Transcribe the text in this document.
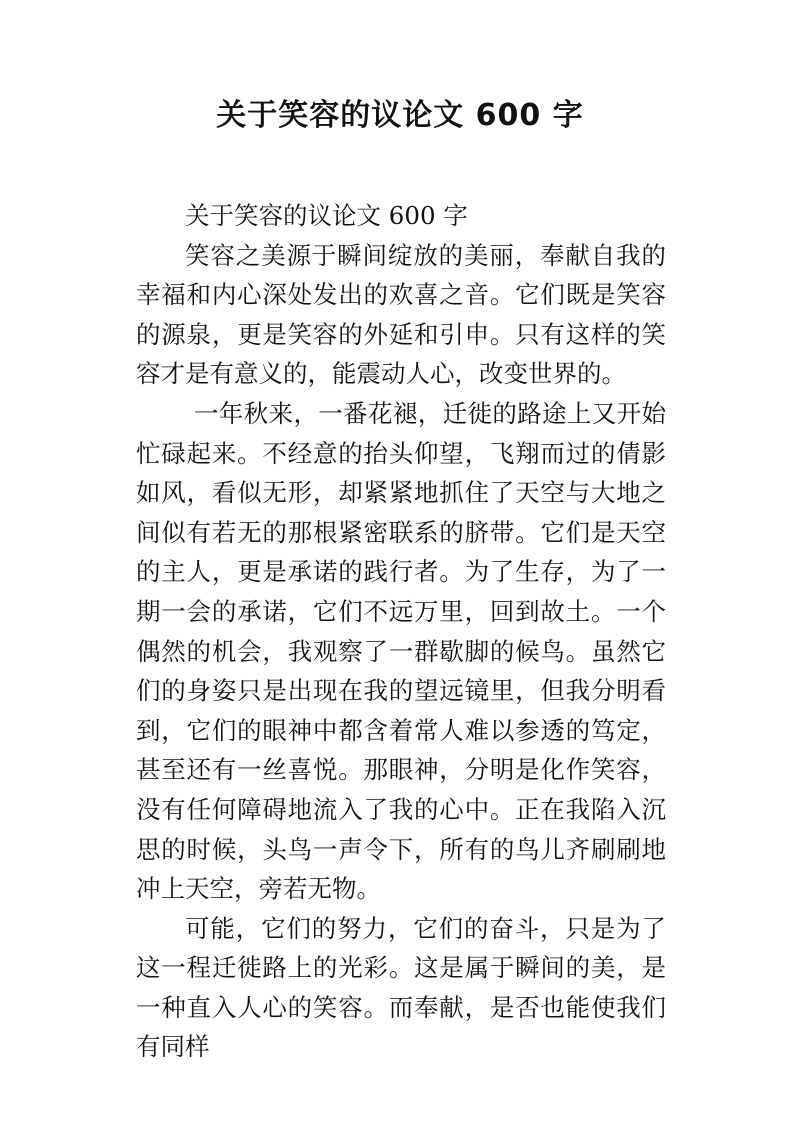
关于笑容的议论文 600 字

关于笑容的议论文 600 字

笑容之美源于瞬间绽放的美丽，奉献自我的幸福和内心深处发出的欢喜之音。它们既是笑容的源泉，更是笑容的外延和引申。只有这样的笑容才是有意义的，能震动人心，改变世界的。

一年秋来，一番花褪，迁徙的路途上又开始忙碌起来。不经意的抬头仰望，飞翔而过的倩影如风，看似无形，却紧紧地抓住了天空与大地之间似有若无的那根紧密联系的脐带。它们是天空的主人，更是承诺的践行者。为了生存，为了一期一会的承诺，它们不远万里，回到故土。一个偶然的机会，我观察了一群歇脚的候鸟。虽然它们的身姿只是出现在我的望远镜里，但我分明看到，它们的眼神中都含着常人难以参透的笃定，甚至还有一丝喜悦。那眼神，分明是化作笑容，没有任何障碍地流入了我的心中。正在我陷入沉思的时候，头鸟一声令下，所有的鸟儿齐刷刷地冲上天空，旁若无物。

可能，它们的努力，它们的奋斗，只是为了这一程迁徙路上的光彩。这是属于瞬间的美，是一种直入人心的笑容。而奉献，是否也能使我们有同样
